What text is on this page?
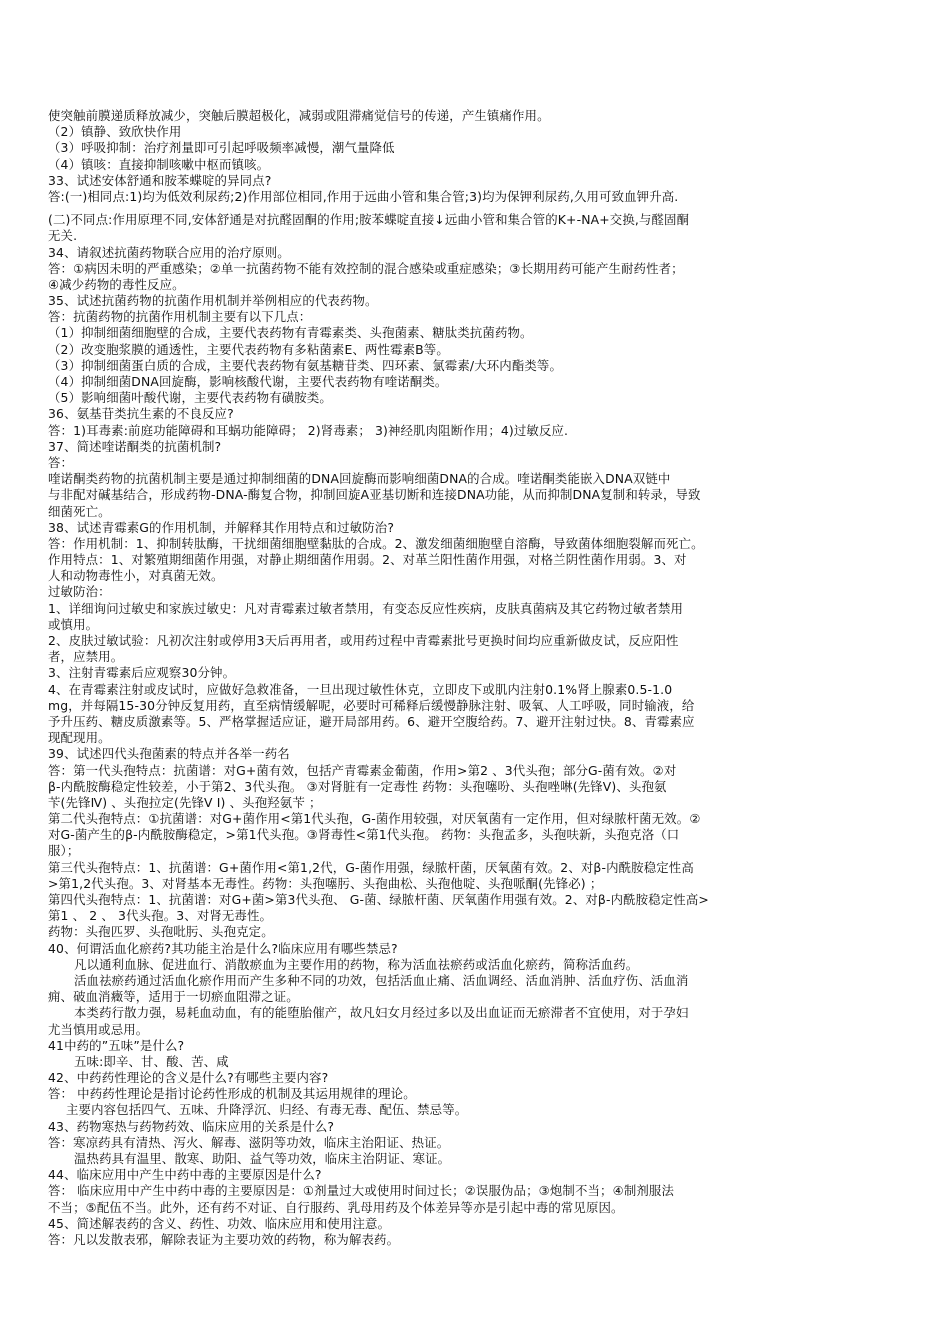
使突触前膜递质释放减少，突触后膜超极化，减弱或阻滞痛觉信号的传递，产生镇痛作用。
（2）镇静、致欣快作用
（3）呼吸抑制：治疗剂量即可引起呼吸频率减慢，潮气量降低
（4）镇咳：直接抑制咳嗽中枢而镇咳。
33、试述安体舒通和胺苯蝶啶的异同点?
答:(一)相同点:1)均为低效利尿药;2)作用部位相同,作用于远曲小管和集合管;3)均为保钾利尿药,久用可致血钾升高.
(二)不同点:作用原理不同,安体舒通是对抗醛固酮的作用;胺苯蝶啶直接↓远曲小管和集合管的K+-NA+交换,与醛固酮
无关.
34、请叙述抗菌药物联合应用的治疗原则。
答：①病因未明的严重感染；②单一抗菌药物不能有效控制的混合感染或重症感染；③长期用药可能产生耐药性者；
④减少药物的毒性反应。
35、试述抗菌药物的抗菌作用机制并举例相应的代表药物。
答：抗菌药物的抗菌作用机制主要有以下几点：
（1）抑制细菌细胞壁的合成，主要代表药物有青霉素类、头孢菌素、糖肽类抗菌药物。
（2）改变胞浆膜的通透性，主要代表药物有多粘菌素E、两性霉素B等。
（3）抑制细菌蛋白质的合成，主要代表药物有氨基糖苷类、四环素、氯霉素/大环内酯类等。
（4）抑制细菌DNA回旋酶，影响核酸代谢，主要代表药物有喹诺酮类。
（5）影响细菌叶酸代谢，主要代表药物有磺胺类。
36、氨基苷类抗生素的不良反应?
答：1)耳毒素:前庭功能障碍和耳蜗功能障碍； 2)肾毒素； 3)神经肌肉阻断作用；4)过敏反应.
37、简述喹诺酮类的抗菌机制?
答：
喹诺酮类药物的抗菌机制主要是通过抑制细菌的DNA回旋酶而影响细菌DNA的合成。喹诺酮类能嵌入DNA双链中
与非配对碱基结合，形成药物-DNA-酶复合物，抑制回旋A亚基切断和连接DNA功能，从而抑制DNA复制和转录，导致
细菌死亡。
38、试述青霉素G的作用机制，并解释其作用特点和过敏防治?
答：作用机制：1、抑制转肽酶，干扰细菌细胞壁黏肽的合成。2、激发细菌细胞壁自溶酶，导致菌体细胞裂解而死亡。
作用特点：1、对繁殖期细菌作用强，对静止期细菌作用弱。2、对革兰阳性菌作用强，对格兰阴性菌作用弱。3、对
人和动物毒性小，对真菌无效。
过敏防治：
1、详细询问过敏史和家族过敏史：凡对青霉素过敏者禁用，有变态反应性疾病，皮肤真菌病及其它药物过敏者禁用
或慎用。
2、皮肤过敏试验：凡初次注射或停用3天后再用者，或用药过程中青霉素批号更换时间均应重新做皮试，反应阳性
者，应禁用。
3、注射青霉素后应观察30分钟。
4、在青霉素注射或皮试时，应做好急救准备，一旦出现过敏性休克，立即皮下或肌内注射0.1%肾上腺素0.5-1.0
mg，并每隔15-30分钟反复用药，直至病情缓解呢，必要时可稀释后缓慢静脉注射、吸氧、人工呼吸，同时输液，给
予升压药、糖皮质激素等。5、严格掌握适应证，避开局部用药。6、避开空腹给药。7、避开注射过快。8、青霉素应
现配现用。
39、试述四代头孢菌素的特点并各举一药名
答：第一代头孢特点：抗菌谱：对G+菌有效，包括产青霉素金葡菌，作用>第2 、3代头孢；部分G-菌有效。②对
β-内酰胺酶稳定性较差，小于第2、3代头孢。 ③对肾脏有一定毒性 药物：头孢噻吩、头孢唑啉(先锋Ⅴ)、头孢氨
苄(先锋Ⅳ) 、头孢拉定(先锋Ⅴ Ⅰ) 、头孢羟氨苄 ；
第二代头孢特点：①抗菌谱：对G+菌作用<第1代头孢，G-菌作用较强，对厌氧菌有一定作用，但对绿脓杆菌无效。②
对G-菌产生的β-内酰胺酶稳定，>第1代头孢。③肾毒性<第1代头孢。 药物：头孢孟多，头孢呋新，头孢克洛（口
服）；
第三代头孢特点：1、抗菌谱：G+菌作用<第1,2代，G-菌作用强，绿脓杆菌，厌氧菌有效。2、对β-内酰胺稳定性高
>第1,2代头孢。3、对肾基本无毒性。药物：头孢噻肟、头孢曲松、头孢他啶、头孢哌酮(先锋必) ；
第四代头孢特点：1、抗菌谱：对G+菌>第3代头孢、 G-菌、绿脓杆菌、厌氧菌作用强有效。2、对β-内酰胺稳定性高>
第1 、 2 、 3代头孢。3、对肾无毒性。
药物：头孢匹罗、头孢吡肟、头孢克定。
40、何谓活血化瘀药?其功能主治是什么?临床应用有哪些禁忌?
凡以通利血脉、促进血行、消散瘀血为主要作用的药物，称为活血祛瘀药或活血化瘀药，简称活血药。
活血祛瘀药通过活血化瘀作用而产生多种不同的功效，包括活血止痛、活血调经、活血消肿、活血疗伤、活血消
痈、破血消癥等，适用于一切瘀血阻滞之证。
本类药行散力强，易耗血动血，有的能堕胎催产，故凡妇女月经过多以及出血证而无瘀滞者不宜使用，对于孕妇
尤当慎用或忌用。
41中药的”五味”是什么?
五味:即辛、甘、酸、苦、咸
42、中药药性理论的含义是什么?有哪些主要内容?
答： 中药药性理论是指讨论药性形成的机制及其运用规律的理论。
主要内容包括四气、五味、升降浮沉、归经、有毒无毒、配伍、禁忌等。
43、药物寒热与药物药效、临床应用的关系是什么?
答：寒凉药具有清热、泻火、解毒、滋阴等功效，临床主治阳证、热证。
温热药具有温里、散寒、助阳、益气等功效，临床主治阴证、寒证。
44、临床应用中产生中药中毒的主要原因是什么?
答： 临床应用中产生中药中毒的主要原因是：①剂量过大或使用时间过长；②误服伪品；③炮制不当；④制剂服法
不当；⑤配伍不当。此外，还有药不对证、自行服药、乳母用药及个体差异等亦是引起中毒的常见原因。
45、简述解表药的含义、药性、功效、临床应用和使用注意。
答：凡以发散表邪，解除表证为主要功效的药物，称为解表药。
